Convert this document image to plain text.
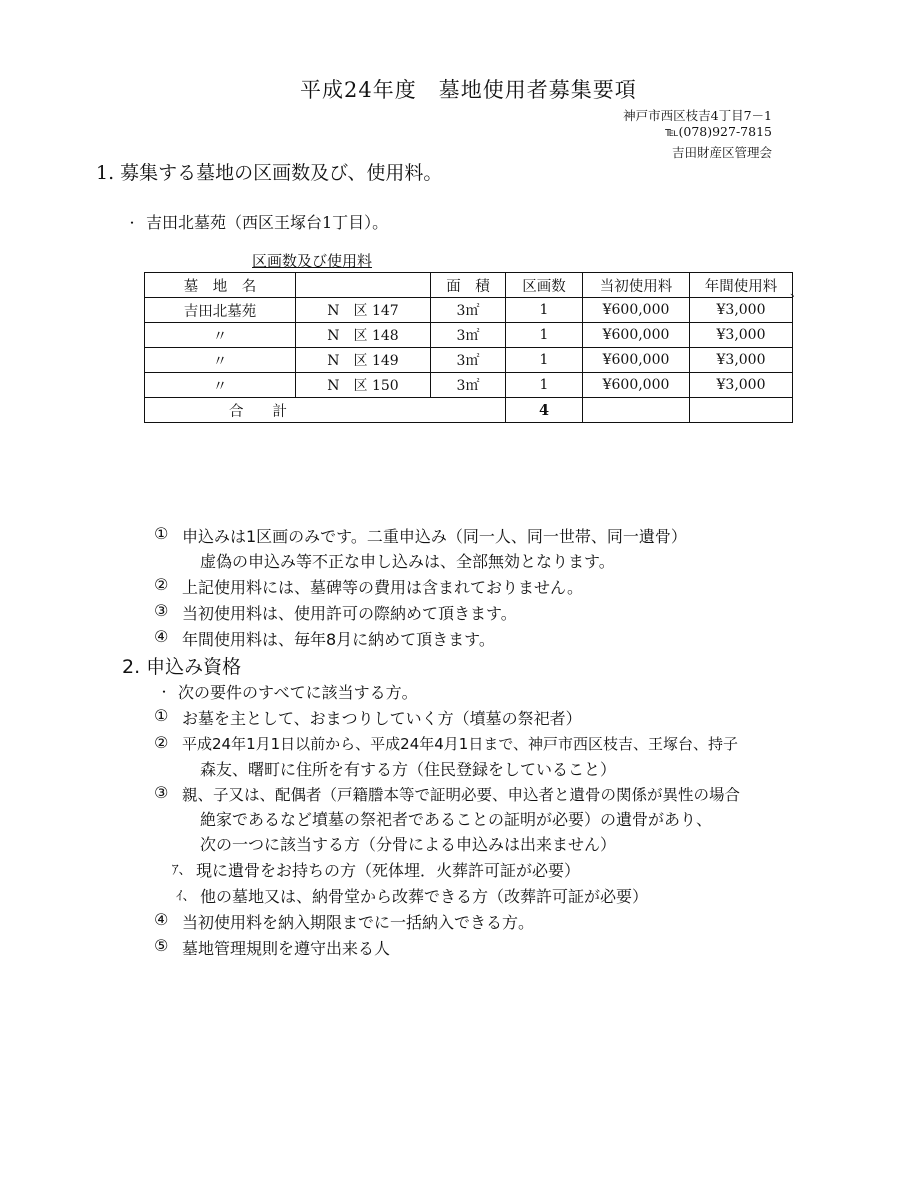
平成24年度　墓地使用者募集要項
神戸市西区枝吉4丁目7－1
℡(078)927-7815
吉田財産区管理会
1. 募集する墓地の区画数及び、使用料。
・ 吉田北墓苑（西区王塚台1丁目）。
区画数及び使用料
墓　地　名		面　積	区画数	当初使用料	年間使用料
吉田北墓苑	N　区 147	3㎡	1	¥600,000	¥3,000
〃	N　区 148	3㎡	1	¥600,000	¥3,000
〃	N　区 149	3㎡	1	¥600,000	¥3,000
〃	N　区 150	3㎡	1	¥600,000	¥3,000
合　　計			4		
、
① 申込みは1区画のみです。二重申込み（同一人、同一世帯、同一遺骨）
虚偽の申込み等不正な申し込みは、全部無効となります。
② 上記使用料には、墓碑等の費用は含まれておりません。
③ 当初使用料は、使用許可の際納めて頂きます。
④ 年間使用料は、毎年8月に納めて頂きます。
2. 申込み資格
・ 次の要件のすべてに該当する方。
① お墓を主として、おまつりしていく方（墳墓の祭祀者）
② 平成24年1月1日以前から、平成24年4月1日まで、神戸市西区枝吉、王塚台、持子
森友、曙町に住所を有する方（住民登録をしていること）
③ 親、子又は、配偶者（戸籍謄本等で証明必要、申込者と遺骨の関係が異性の場合
絶家であるなど墳墓の祭祀者であることの証明が必要）の遺骨があり、
次の一つに該当する方（分骨による申込みは出来ません）
ｱ、 現に遺骨をお持ちの方（死体埋．火葬許可証が必要）
ｲ、 他の墓地又は、納骨堂から改葬できる方（改葬許可証が必要）
④ 当初使用料を納入期限までに一括納入できる方。
⑤ 墓地管理規則を遵守出来る人
